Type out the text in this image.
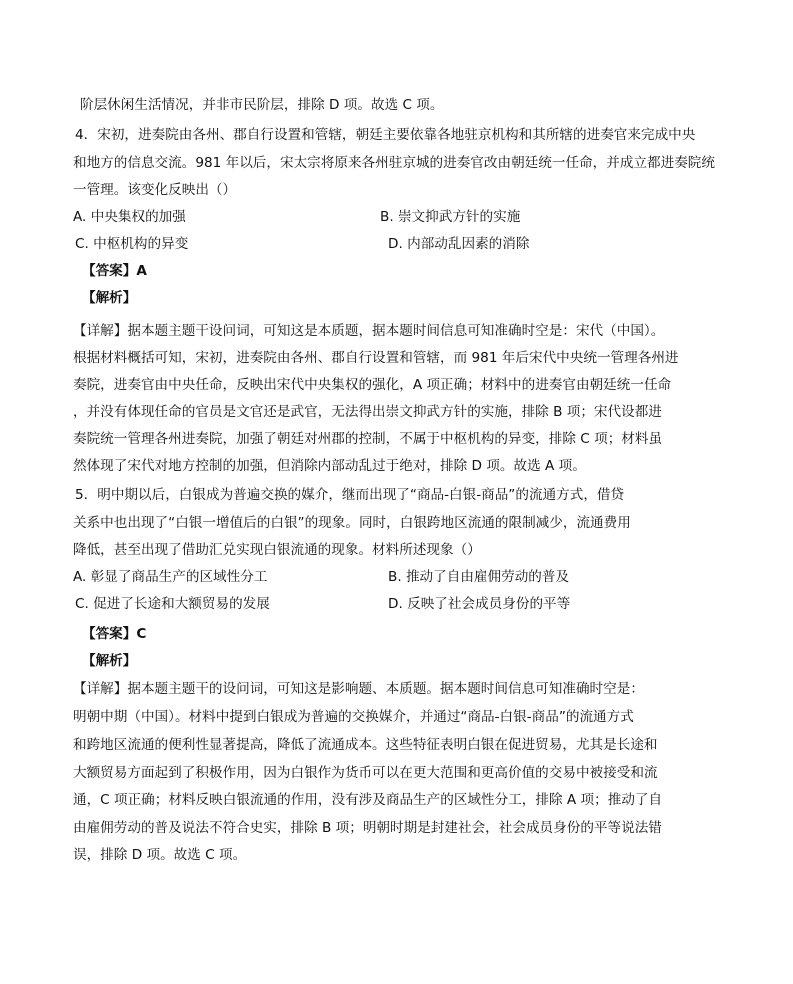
阶层休闲生活情况，并非市民阶层，排除 D 项。故选 C 项。
4．宋初，进奏院由各州、郡自行设置和管辖，朝廷主要依靠各地驻京机构和其所辖的进奏官来完成中央
和地方的信息交流。981 年以后，宋太宗将原来各州驻京城的进奏官改由朝廷统一任命，并成立都进奏院统
一管理。该变化反映出（）
A. 中央集权的加强	B. 崇文抑武方针的实施
C. 中枢机构的异变	D. 内部动乱因素的消除
【答案】A
【解析】
【详解】据本题主题干设问词，可知这是本质题，据本题时间信息可知准确时空是：宋代（中国）。
根据材料概括可知，宋初，进奏院由各州、郡自行设置和管辖，而 981 年后宋代中央统一管理各州进
奏院，进奏官由中央任命，反映出宋代中央集权的强化，A 项正确；材料中的进奏官由朝廷统一任命
，并没有体现任命的官员是文官还是武官，无法得出崇文抑武方针的实施，排除 B 项；宋代设都进
奏院统一管理各州进奏院，加强了朝廷对州郡的控制，不属于中枢机构的异变，排除 C 项；材料虽
然体现了宋代对地方控制的加强，但消除内部动乱过于绝对，排除 D 项。故选 A 项。
5．明中期以后，白银成为普遍交换的媒介，继而出现了“商品-白银-商品”的流通方式，借贷
关系中也出现了“白银一增值后的白银”的现象。同时，白银跨地区流通的限制减少，流通费用
降低，甚至出现了借助汇兑实现白银流通的现象。材料所述现象（）
A. 彰显了商品生产的区域性分工	B. 推动了自由雇佣劳动的普及
C. 促进了长途和大额贸易的发展	D. 反映了社会成员身份的平等
【答案】C
【解析】
【详解】据本题主题干的设问词，可知这是影响题、本质题。据本题时间信息可知准确时空是：
明朝中期（中国）。材料中提到白银成为普遍的交换媒介，并通过“商品-白银-商品”的流通方式
和跨地区流通的便利性显著提高，降低了流通成本。这些特征表明白银在促进贸易，尤其是长途和
大额贸易方面起到了积极作用，因为白银作为货币可以在更大范围和更高价值的交易中被接受和流
通，C 项正确；材料反映白银流通的作用，没有涉及商品生产的区域性分工，排除 A 项；推动了自
由雇佣劳动的普及说法不符合史实，排除 B 项；明朝时期是封建社会，社会成员身份的平等说法错
误，排除 D 项。故选 C 项。
